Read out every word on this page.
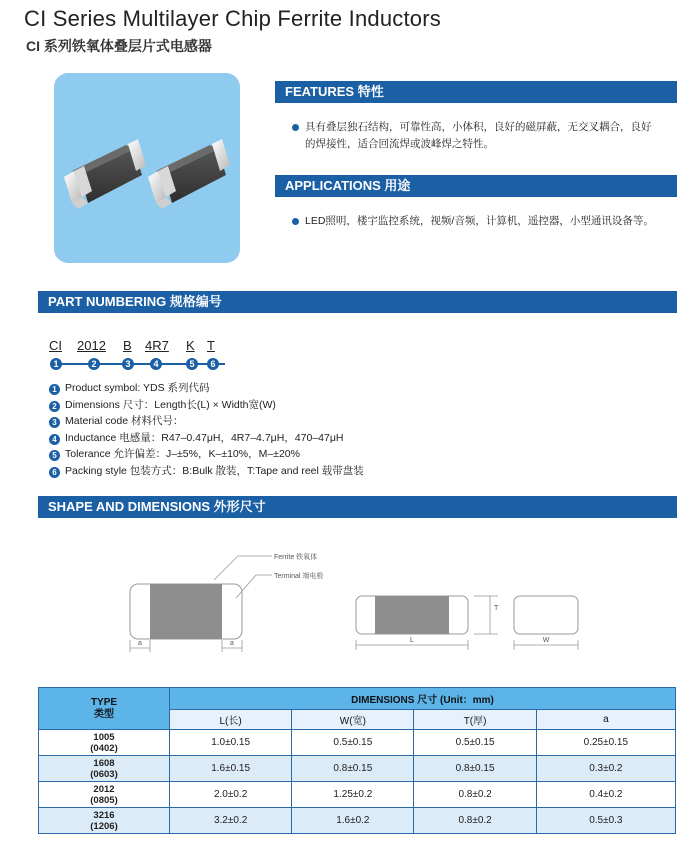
CI Series Multilayer Chip Ferrite Inductors
CI 系列铁氧体叠层片式电感器
FEATURES 特性
具有叠层独石结构，可靠性高，小体积，良好的磁屏蔽，无交叉耦合，良好
的焊接性，适合回流焊或波峰焊之特性。
APPLICATIONS 用途
LED照明，楼宇监控系统，视频/音频，计算机，遥控器，小型通讯设备等。
PART NUMBERING 规格编号
CI 2012 B 4R7 K T
1	2	3	4	5	6
1 Product symbol: YDS 系列代码
2 Dimensions 尺寸：Length长(L) × Width宽(W)
3 Material code 材料代号：
4 Inductance 电感量：R47–0.47μH，4R7–4.7μH，470–47μH
5 Tolerance 允许偏差：J–±5%，K–±10%，M–±20%
6 Packing style 包装方式：B:Bulk 散装，T:Tape and reel 载带盘装
SHAPE AND DIMENSIONS 外形尺寸
a	a
Ferrite 铁氧体
Terminal 端电极
L
T
W
TYPE
类型	DIMENSIONS 尺寸 (Unit：mm)			
	L(长)	W(宽)	T(厚)	a
1005
(0402)	1.0±0.15	0.5±0.15	0.5±0.15	0.25±0.15
1608
(0603)	1.6±0.15	0.8±0.15	0.8±0.15	0.3±0.2
2012
(0805)	2.0±0.2	1.25±0.2	0.8±0.2	0.4±0.2
3216
(1206)	3.2±0.2	1.6±0.2	0.8±0.2	0.5±0.3
